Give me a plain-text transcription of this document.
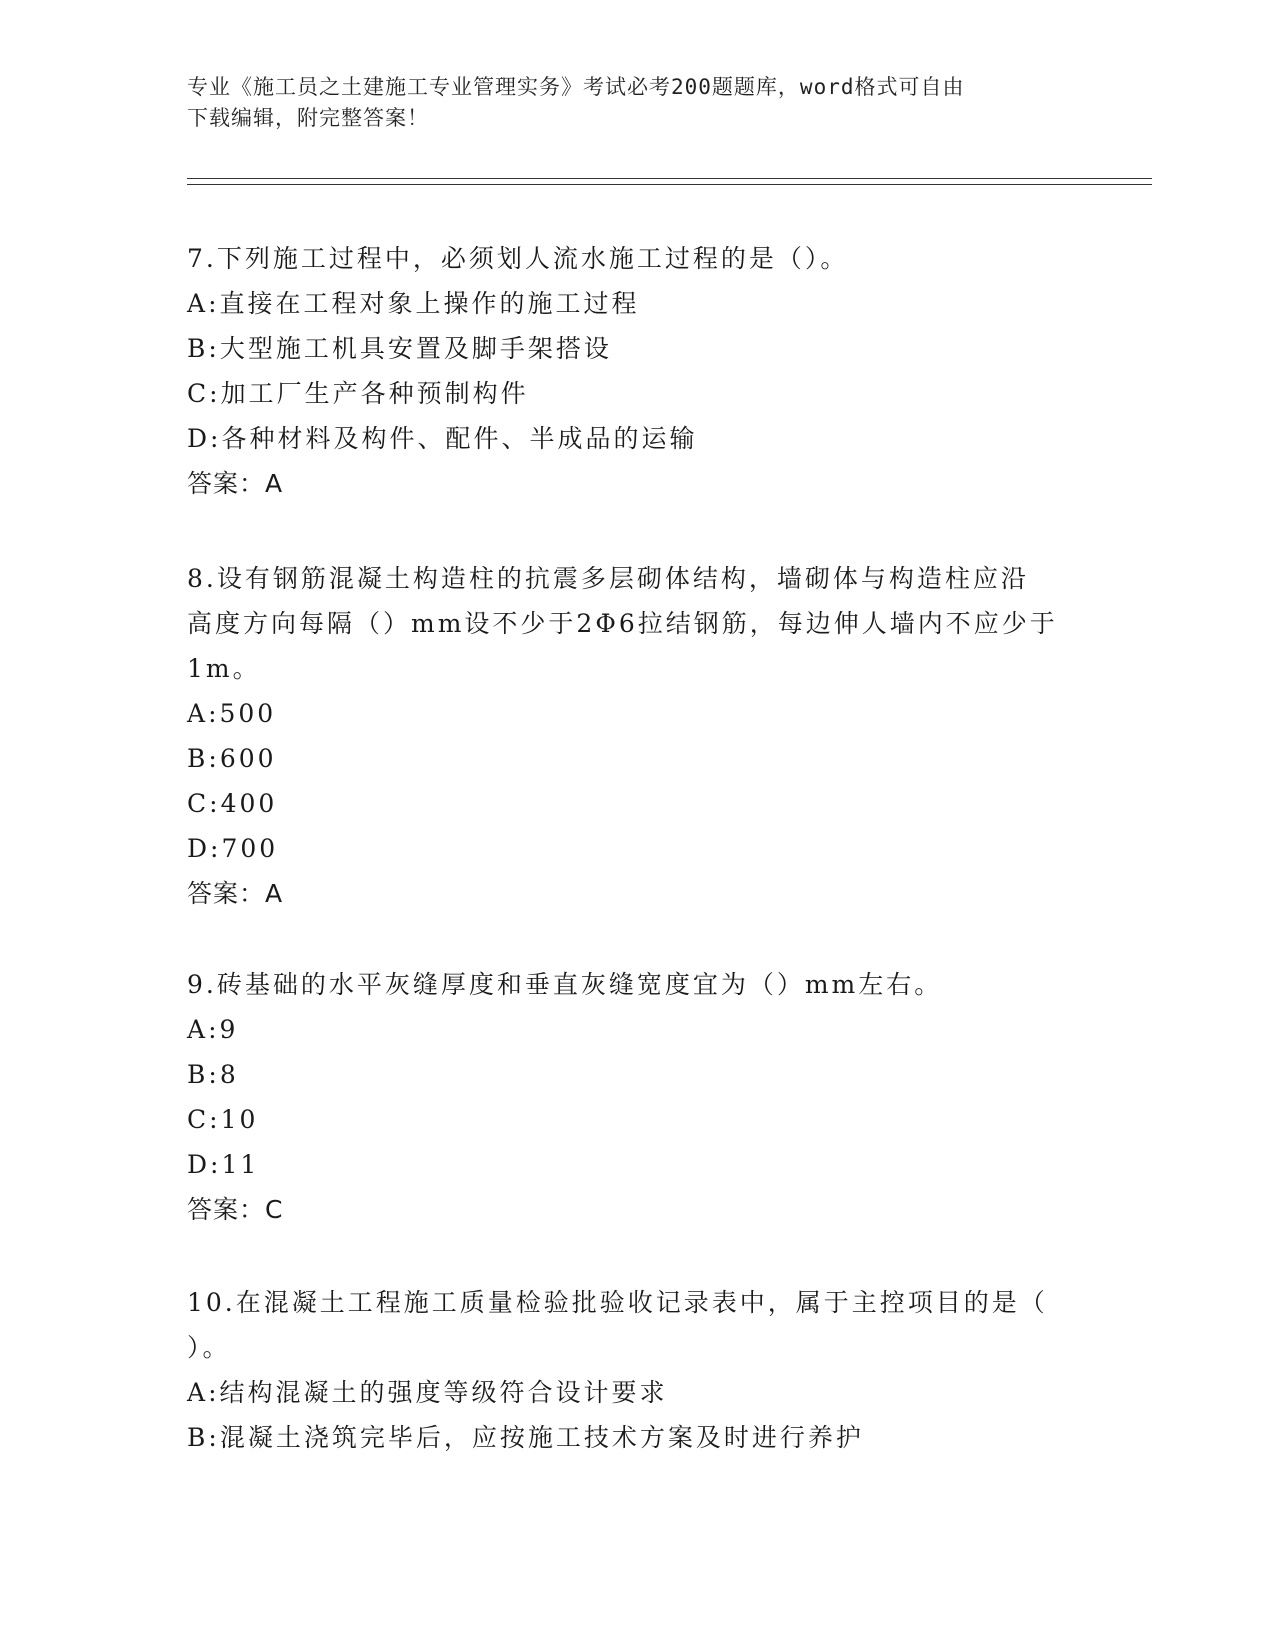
专业《施工员之土建施工专业管理实务》考试必考200题题库，word格式可自由
下载编辑，附完整答案！
7.下列施工过程中，必须划人流水施工过程的是（）。
A:直接在工程对象上操作的施工过程
B:大型施工机具安置及脚手架搭设
C:加工厂生产各种预制构件
D:各种材料及构件、配件、半成品的运输
答案：A
8.设有钢筋混凝土构造柱的抗震多层砌体结构，墙砌体与构造柱应沿
高度方向每隔（）mm设不少于2Φ6拉结钢筋，每边伸人墙内不应少于
1m。
A:500
B:600
C:400
D:700
答案：A
9.砖基础的水平灰缝厚度和垂直灰缝宽度宜为（）mm左右。
A:9
B:8
C:10
D:11
答案：C
10.在混凝土工程施工质量检验批验收记录表中，属于主控项目的是（
）。
A:结构混凝土的强度等级符合设计要求
B:混凝土浇筑完毕后，应按施工技术方案及时进行养护
